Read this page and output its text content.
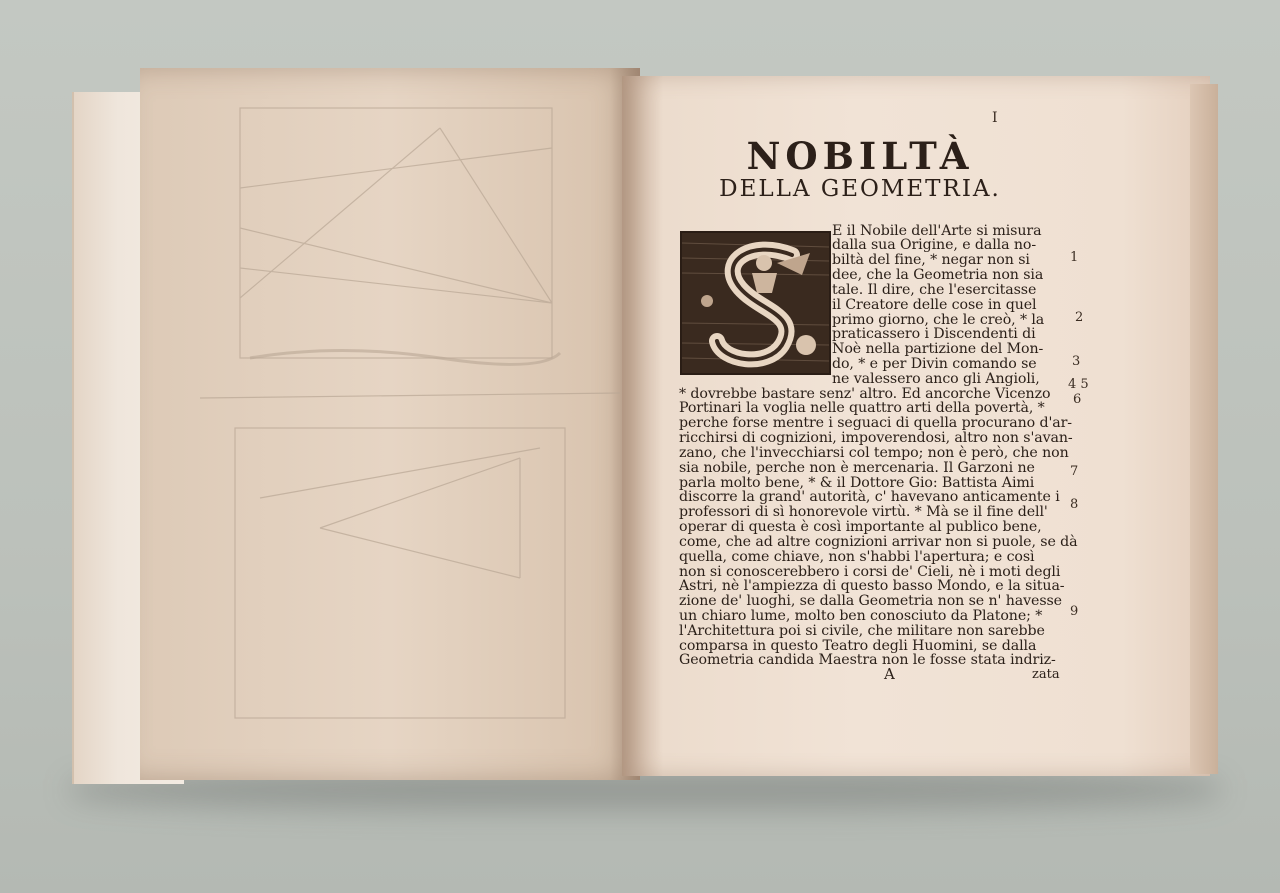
I
NOBILTÀ
DELLA GEOMETRIA.
E il Nobile dell'Arte si misura
dalla sua Origine, e dalla no-
biltà del fine, * negar non si
dee, che la Geometria non sia
tale. Il dire, che l'esercitasse
il Creatore delle cose in quel
primo giorno, che le creò, * la
praticassero i Discendenti di
Noè nella partizione del Mon-
do, * e per Divin comando se
ne valessero anco gli Angioli,
* dovrebbe bastare senz' altro. Ed ancorche Vicenzo
Portinari la voglia nelle quattro arti della povertà, *
perche forse mentre i seguaci di quella procurano d'ar-
ricchirsi di cognizioni, impoverendosi, altro non s'avan-
zano, che l'invecchiarsi col tempo; non è però, che non
sia nobile, perche non è mercenaria. Il Garzoni ne
parla molto bene, * & il Dottore Gio: Battista Aimi
discorre la grand' autorità, c' havevano anticamente i
professori di sì honorevole virtù. * Mà se il fine dell'
operar di questa è così importante al publico bene,
come, che ad altre cognizioni arrivar non si puole, se dà
quella, come chiave, non s'habbi l'apertura; e così
non si conoscerebbero i corsi de' Cieli, nè i moti degli
Astri, nè l'ampiezza di questo basso Mondo, e la situa-
zione de' luoghi, se dalla Geometria non se n' havesse
un chiaro lume, molto ben conosciuto da Platone; *
l'Architettura poi si civile, che militare non sarebbe
comparsa in questo Teatro degli Huomini, se dalla
Geometria candida Maestra non le fosse stata indriz-
1
2
3
4 5
6
7
8
9
A	zata
